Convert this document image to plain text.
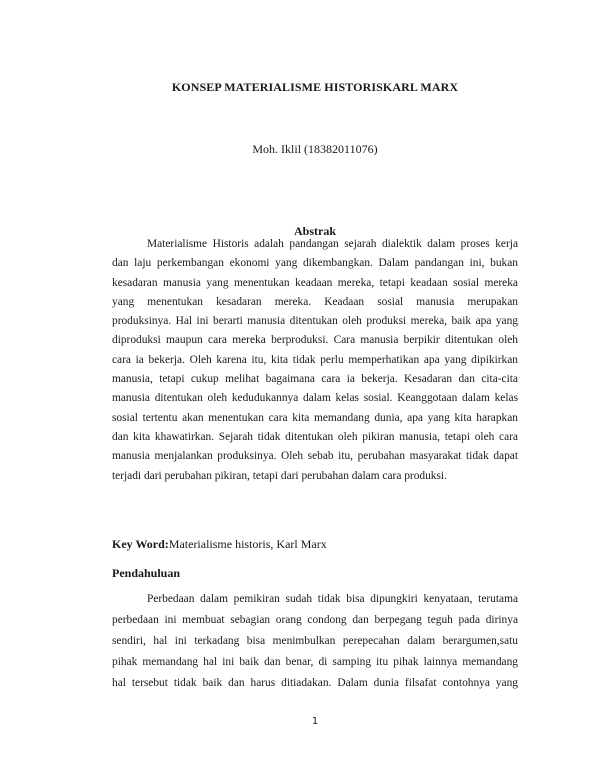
KONSEP MATERIALISME HISTORISKARL MARX
Moh. Iklil (18382011076)
Abstrak
Materialisme Historis adalah pandangan sejarah dialektik dalam proses kerja
dan laju perkembangan ekonomi yang dikembangkan. Dalam pandangan ini, bukan
kesadaran manusia yang menentukan keadaan mereka, tetapi keadaan sosial mereka
yang menentukan kesadaran mereka. Keadaan sosial manusia merupakan
produksinya. Hal ini berarti manusia ditentukan oleh produksi mereka, baik apa yang
diproduksi maupun cara mereka berproduksi. Cara manusia berpikir ditentukan oleh
cara ia bekerja. Oleh karena itu, kita tidak perlu memperhatikan apa yang dipikirkan
manusia, tetapi cukup melihat bagaimana cara ia bekerja. Kesadaran dan cita-cita
manusia ditentukan oleh kedudukannya dalam kelas sosial. Keanggotaan dalam kelas
sosial tertentu akan menentukan cara kita memandang dunia, apa yang kita harapkan
dan kita khawatirkan. Sejarah tidak ditentukan oleh pikiran manusia, tetapi oleh cara
manusia menjalankan produksinya. Oleh sebab itu, perubahan masyarakat tidak dapat
terjadi dari perubahan pikiran, tetapi dari perubahan dalam cara produksi.
Key Word:Materialisme historis, Karl Marx
Pendahuluan
Perbedaan dalam pemikiran sudah tidak bisa dipungkiri kenyataan, terutama
perbedaan ini membuat sebagian orang condong dan berpegang teguh pada dirinya
sendiri, hal ini terkadang bisa menimbulkan perepecahan dalam berargumen,satu
pihak memandang hal ini baik dan benar, di samping itu pihak lainnya memandang
hal tersebut tidak baik dan harus ditiadakan. Dalam dunia filsafat contohnya yang
1
